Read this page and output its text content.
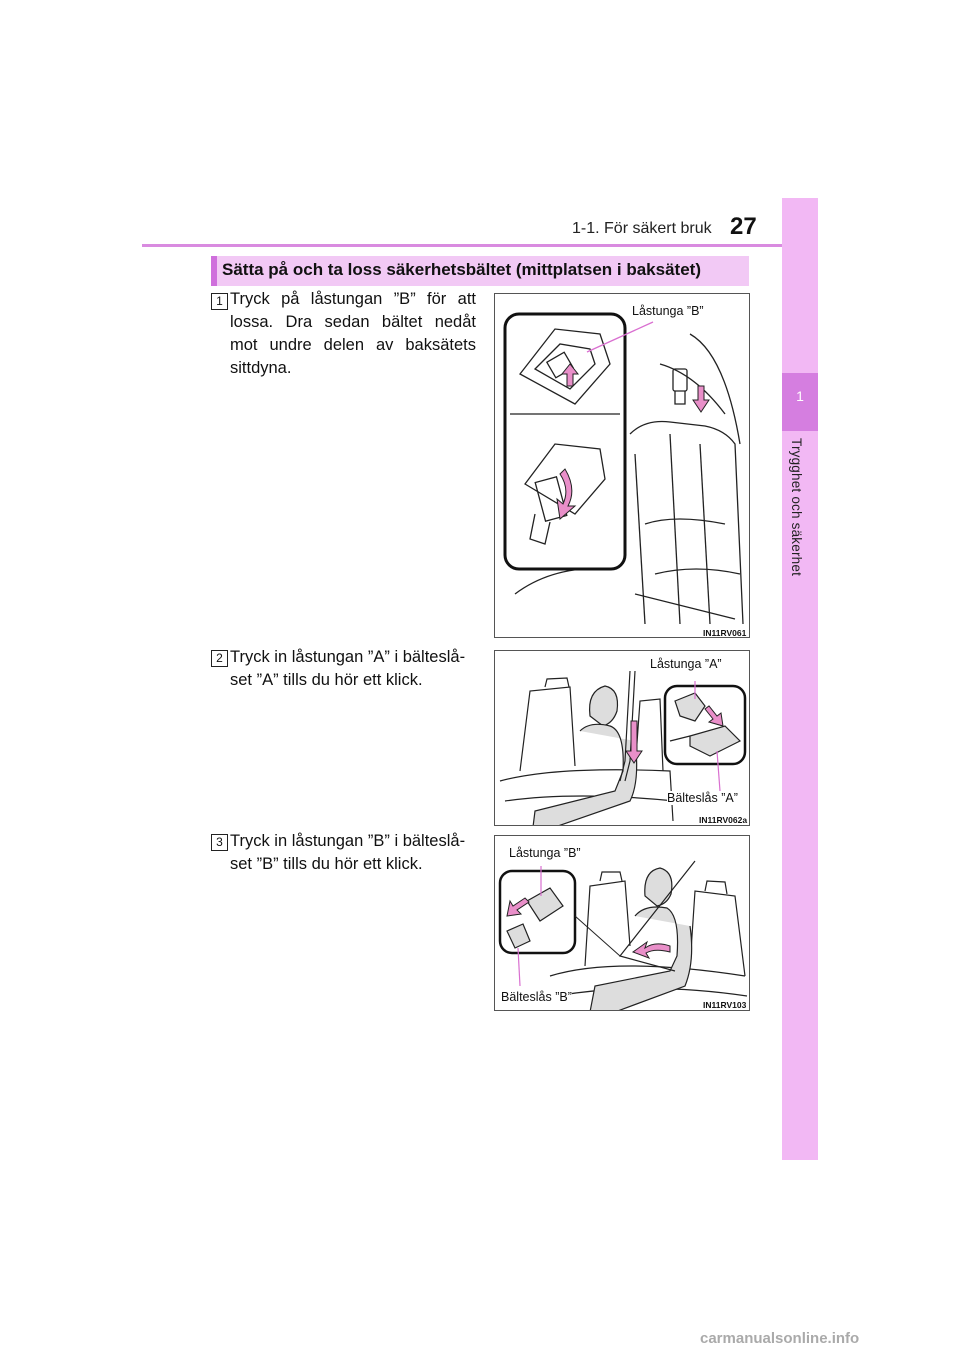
1-1. För säkert bruk 27
1
Trygghet och säkerhet
Sätta på och ta loss säkerhetsbältet (mittplatsen i baksätet)
1 Tryck på låstungan ”B” för att lossa. Dra sedan bältet nedåt mot undre delen av baksätets sittdyna.
Låstunga ”B”
IN11RV061
2 Tryck in låstungan ”A” i bälteslå-
set ”A” tills du hör ett klick.
Låstunga ”A”
Bälteslås ”A”
IN11RV062a
3 Tryck in låstungan ”B” i bälteslå-
set ”B” tills du hör ett klick.
Låstunga ”B”
Bälteslås ”B”
IN11RV103
carmanualsonline.info
